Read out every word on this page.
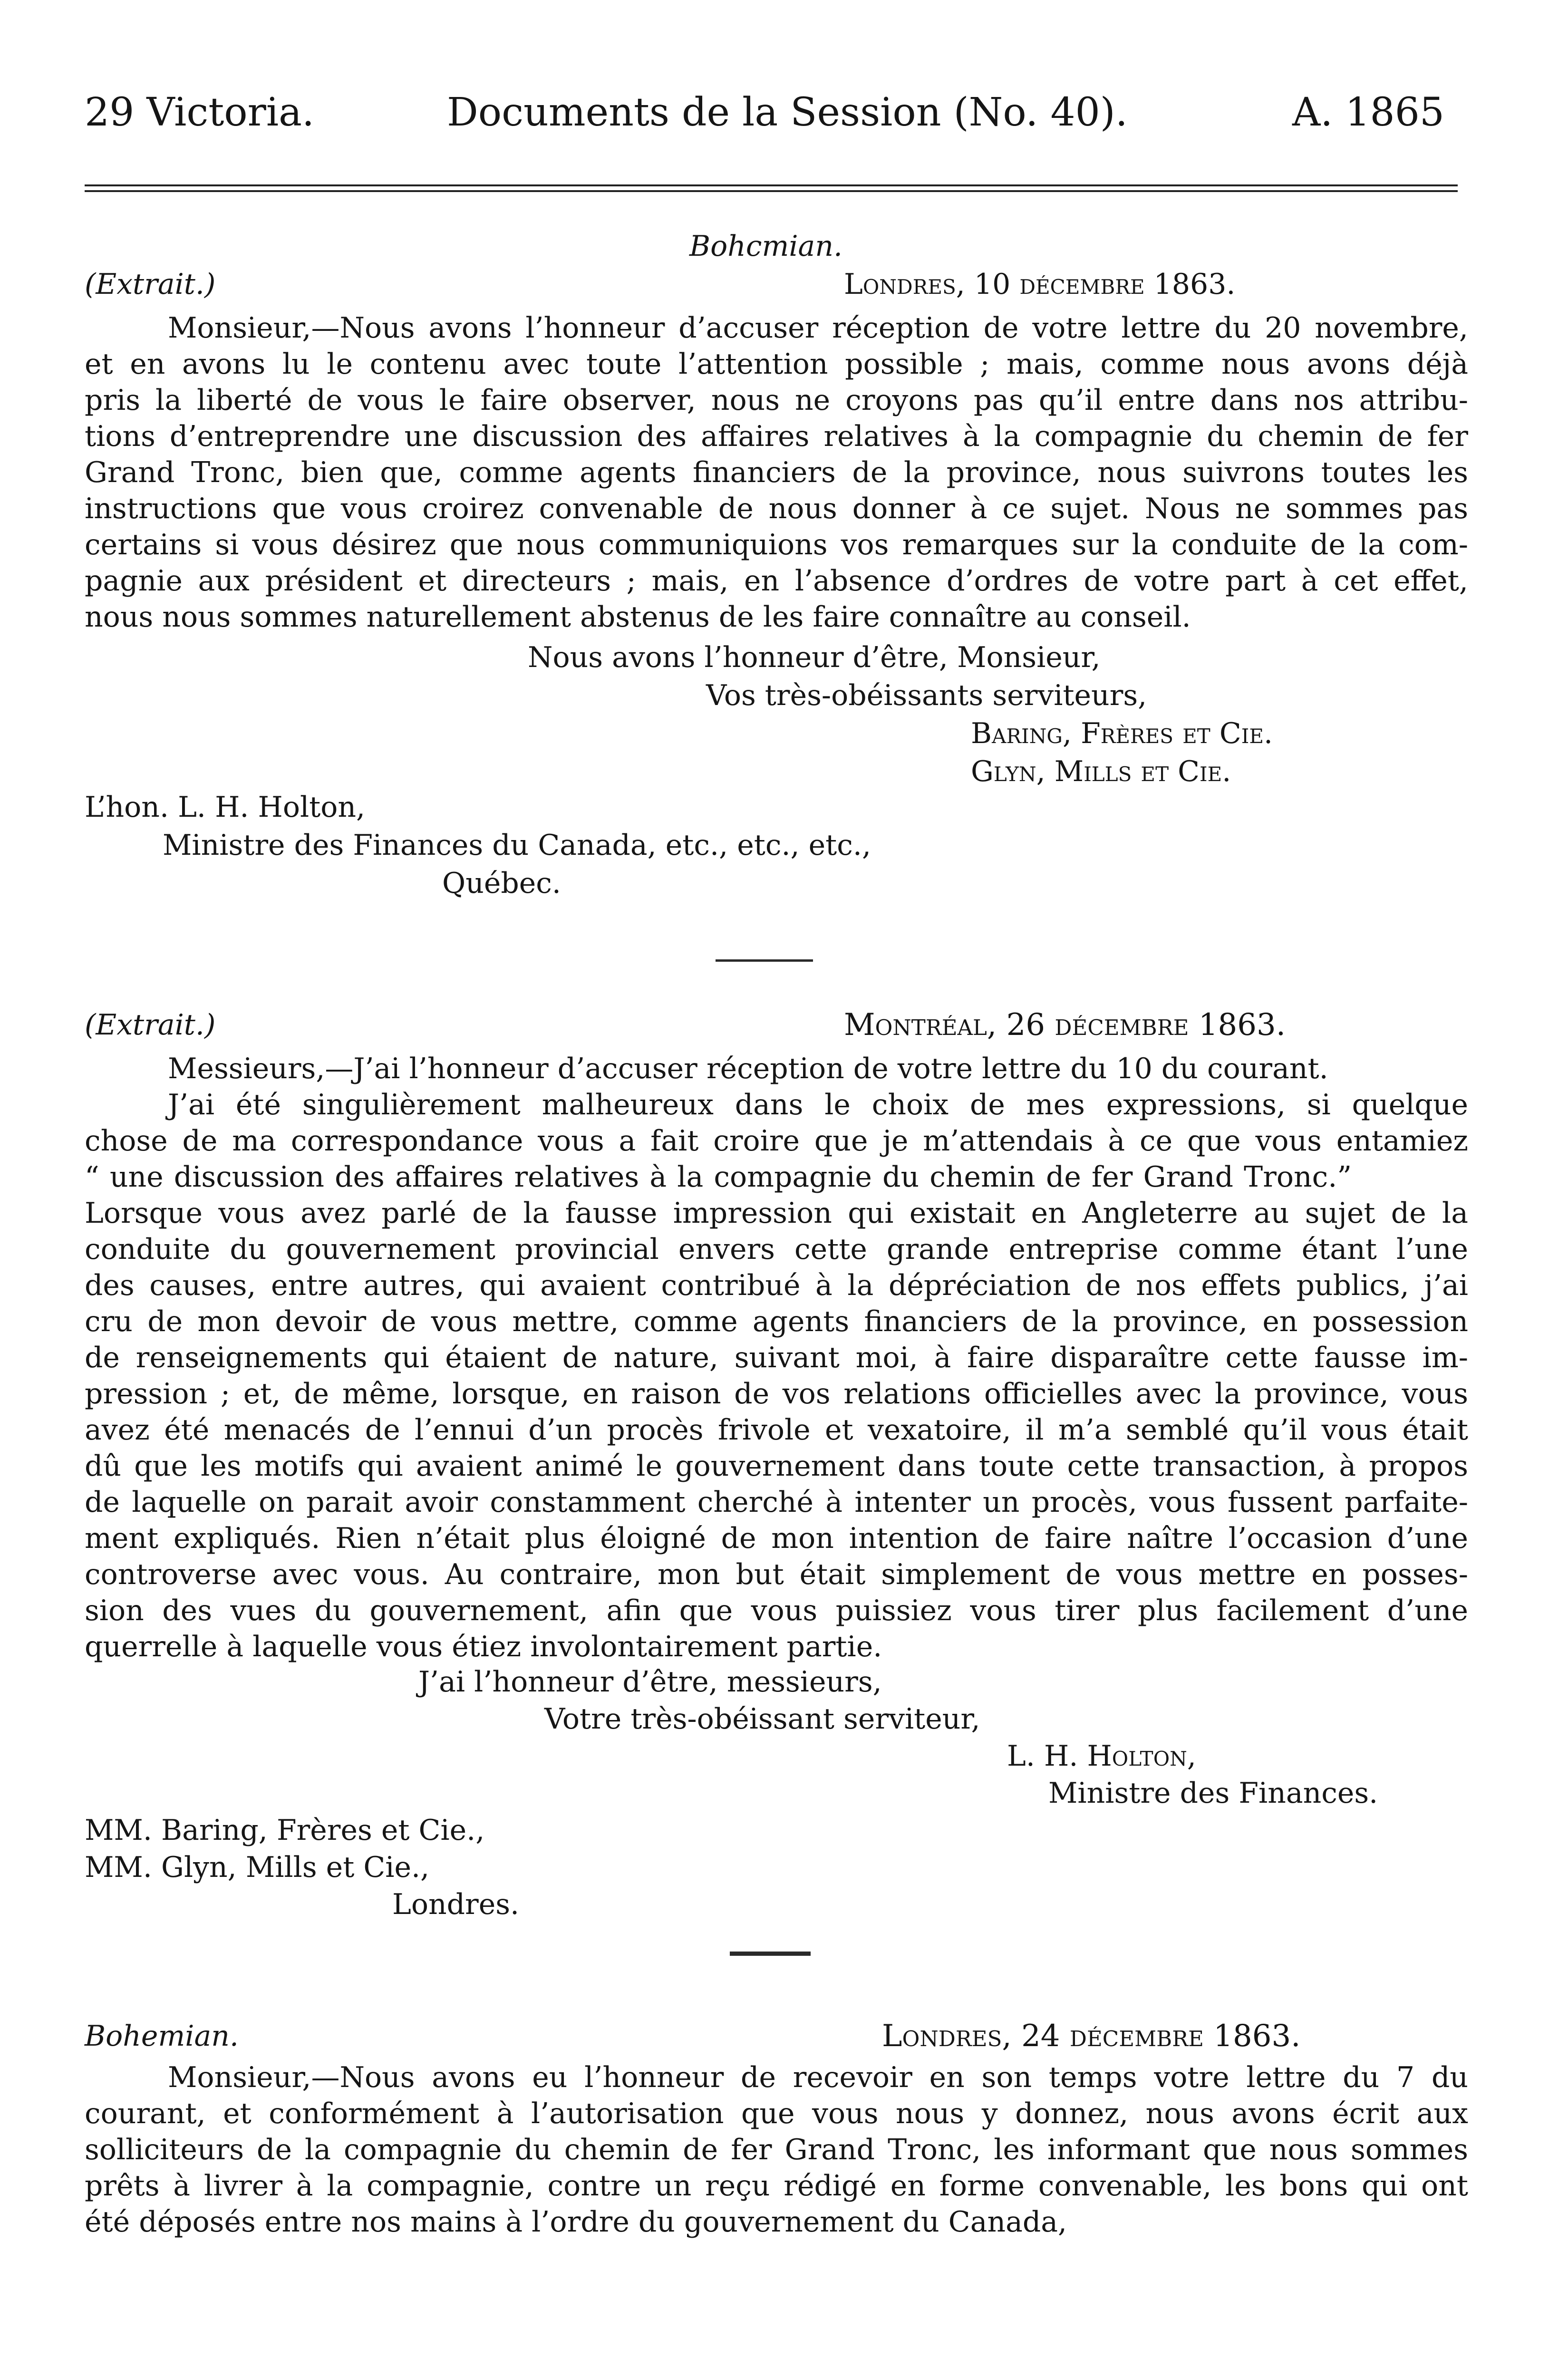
29 Victoria.	Documents de la Session (No. 40).	A. 1865
Bohcmian.
(Extrait.)	Londres, 10 décembre 1863.
Monsieur,—Nous avons l’honneur d’accuser réception de votre lettre du 20 novembre,
et en avons lu le contenu avec toute l’attention possible ; mais, comme nous avons déjà
pris la liberté de vous le faire observer, nous ne croyons pas qu’il entre dans nos attribu-
tions d’entreprendre une discussion des affaires relatives à la compagnie du chemin de fer
Grand Tronc, bien que, comme agents financiers de la province, nous suivrons toutes les
instructions que vous croirez convenable de nous donner à ce sujet. Nous ne sommes pas
certains si vous désirez que nous communiquions vos remarques sur la conduite de la com-
pagnie aux président et directeurs ; mais, en l’absence d’ordres de votre part à cet effet,
nous nous sommes naturellement abstenus de les faire connaître au conseil.
Nous avons l’honneur d’être, Monsieur,
Vos très-obéissants serviteurs,
Baring, Frères et Cie.
Glyn, Mills et Cie.
L’hon. L. H. Holton,
Ministre des Finances du Canada, etc., etc., etc.,
Québec.
(Extrait.)	Montréal, 26 décembre 1863.
Messieurs,—J’ai l’honneur d’accuser réception de votre lettre du 10 du courant.
J’ai été singulièrement malheureux dans le choix de mes expressions, si quelque
chose de ma correspondance vous a fait croire que je m’attendais à ce que vous entamiez
“ une discussion des affaires relatives à la compagnie du chemin de fer Grand Tronc.”
Lorsque vous avez parlé de la fausse impression qui existait en Angleterre au sujet de la
conduite du gouvernement provincial envers cette grande entreprise comme étant l’une
des causes, entre autres, qui avaient contribué à la dépréciation de nos effets publics, j’ai
cru de mon devoir de vous mettre, comme agents financiers de la province, en possession
de renseignements qui étaient de nature, suivant moi, à faire disparaître cette fausse im-
pression ; et, de même, lorsque, en raison de vos relations officielles avec la province, vous
avez été menacés de l’ennui d’un procès frivole et vexatoire, il m’a semblé qu’il vous était
dû que les motifs qui avaient animé le gouvernement dans toute cette transaction, à propos
de laquelle on parait avoir constamment cherché à intenter un procès, vous fussent parfaite-
ment expliqués. Rien n’était plus éloigné de mon intention de faire naître l’occasion d’une
controverse avec vous. Au contraire, mon but était simplement de vous mettre en posses-
sion des vues du gouvernement, afin que vous puissiez vous tirer plus facilement d’une
querrelle à laquelle vous étiez involontairement partie.
J’ai l’honneur d’être, messieurs,
Votre très-obéissant serviteur,
L. H. Holton,
Ministre des Finances.
MM. Baring, Frères et Cie.,
MM. Glyn, Mills et Cie.,
Londres.
Bohemian.	Londres, 24 décembre 1863.
Monsieur,—Nous avons eu l’honneur de recevoir en son temps votre lettre du 7 du
courant, et conformément à l’autorisation que vous nous y donnez, nous avons écrit aux
solliciteurs de la compagnie du chemin de fer Grand Tronc, les informant que nous sommes
prêts à livrer à la compagnie, contre un reçu rédigé en forme convenable, les bons qui ont
été déposés entre nos mains à l’ordre du gouvernement du Canada,
